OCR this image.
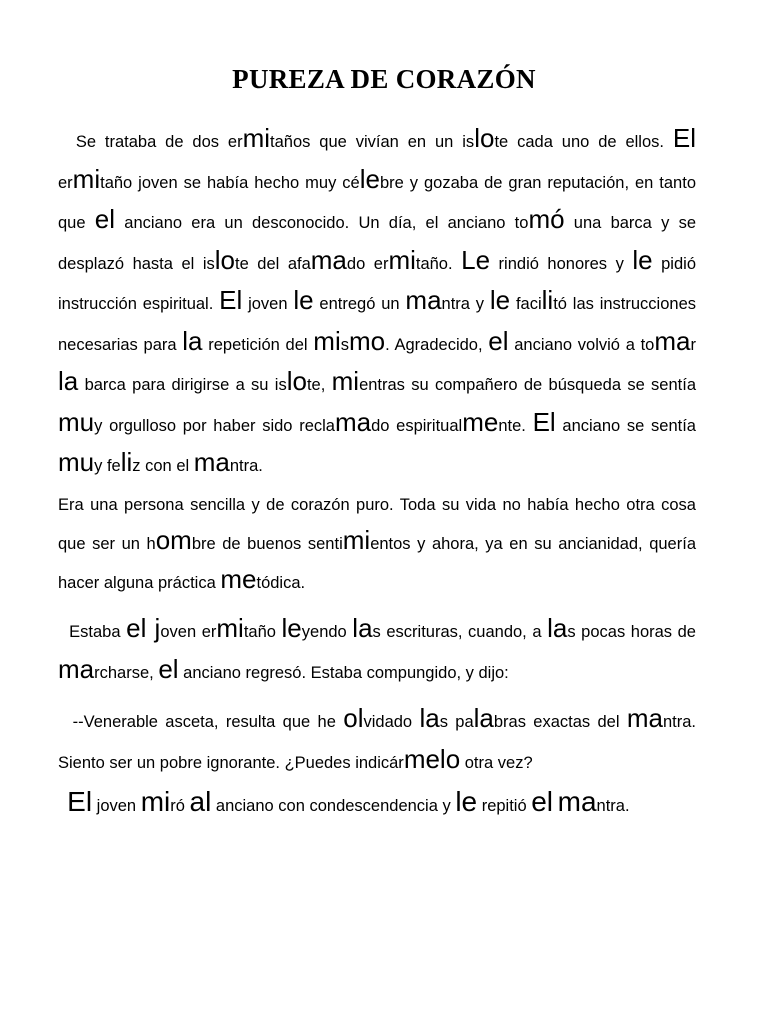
PUREZA DE CORAZÓN

Se trataba de dos ermitaños que vivían en un islote cada uno de ellos. El ermitaño joven se había hecho muy célebre y gozaba de gran reputación, en tanto que el anciano era un desconocido. Un día, el anciano tomó una barca y se desplazó hasta el islote del afamado ermitaño. Le rindió honores y le pidió instrucción espiritual. El joven le entregó un mantra y le facilitó las instrucciones necesarias para la repetición del mismo. Agradecido, el anciano volvió a tomar la barca para dirigirse a su islote, mientras su compañero de búsqueda se sentía muy orgulloso por haber sido reclamado espiritualmente. El anciano se sentía muy feliz con el mantra.

Era una persona sencilla y de corazón puro. Toda su vida no había hecho otra cosa que ser un hombre de buenos sentimientos y ahora, ya en su ancianidad, quería hacer alguna práctica metódica.

Estaba el joven ermitaño leyendo las escrituras, cuando, a las pocas horas de marcharse, el anciano regresó. Estaba compungido, y dijo:

--Venerable asceta, resulta que he olvidado las palabras exactas del mantra. Siento ser un pobre ignorante. ¿Puedes indicármelo otra vez?

El joven miró al anciano con condescendencia y le repitió el mantra.
